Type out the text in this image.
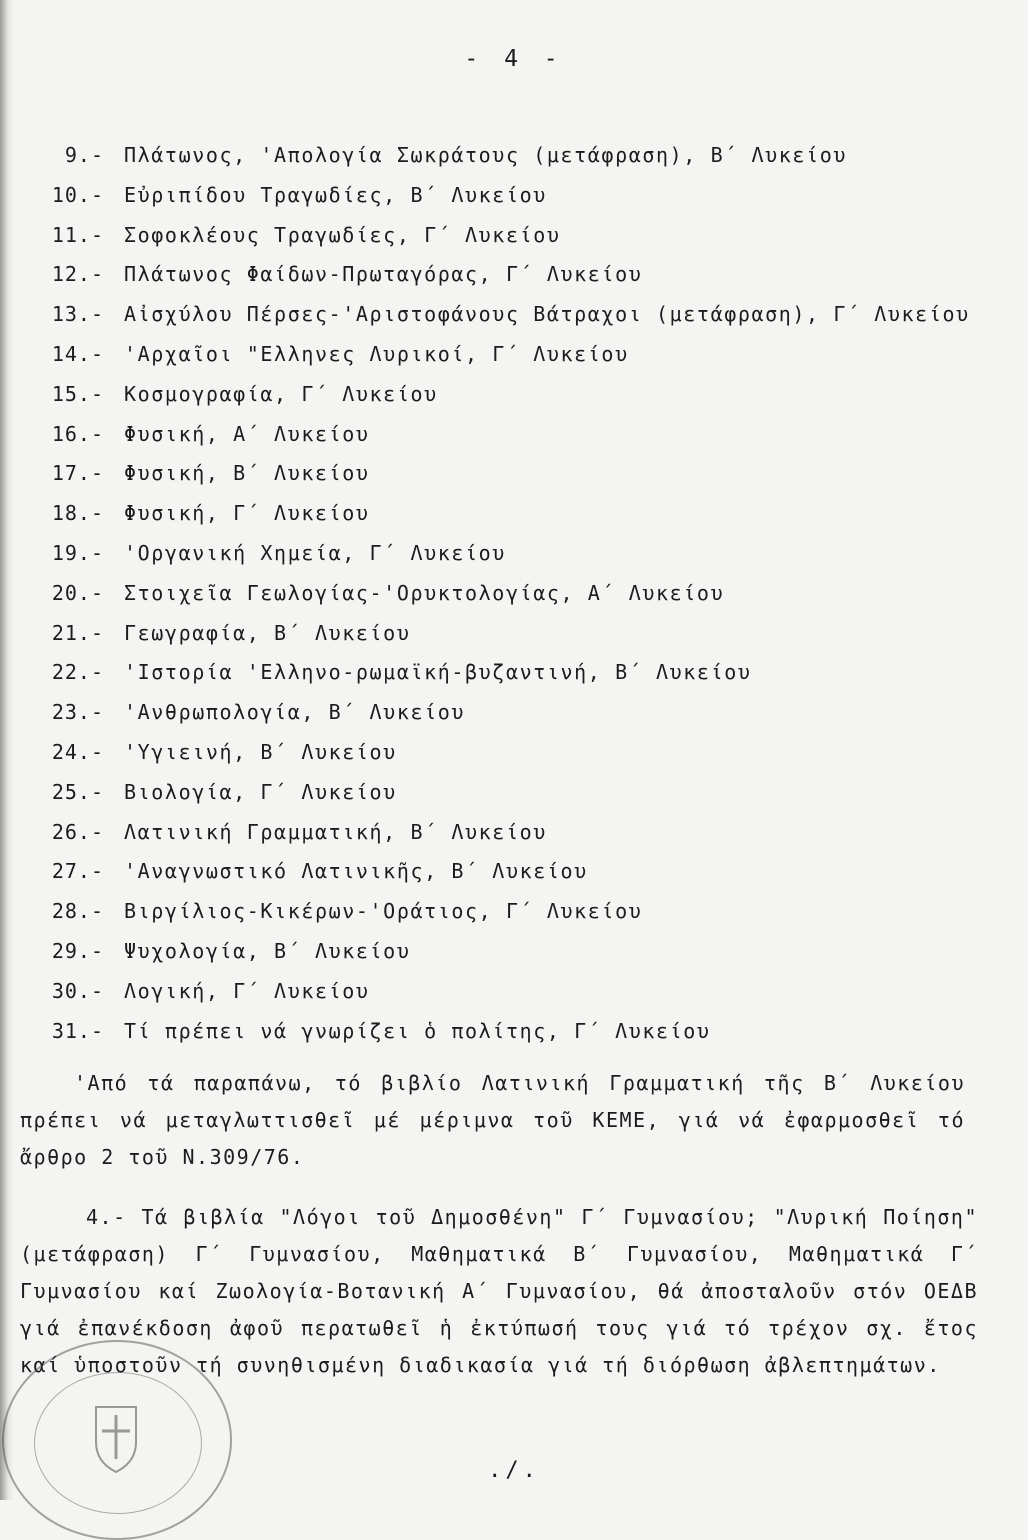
- 4 -
9.-	Πλάτωνος, 'Απολογία Σωκράτους (μετάφραση), Β΄ Λυκείου
10.-	Εὐριπίδου Τραγωδίες, Β΄ Λυκείου
11.-	Σοφοκλέους Τραγωδίες, Γ΄ Λυκείου
12.-	Πλάτωνος Φαίδων-Πρωταγόρας, Γ΄ Λυκείου
13.-	Αἰσχύλου Πέρσες-'Αριστοφάνους Βάτραχοι (μετάφραση), Γ΄ Λυκείου
14.-	'Αρχαῖοι "Ελληνες Λυρικοί, Γ΄ Λυκείου
15.-	Κοσμογραφία, Γ΄ Λυκείου
16.-	Φυσική, Α΄ Λυκείου
17.-	Φυσική, Β΄ Λυκείου
18.-	Φυσική, Γ΄ Λυκείου
19.-	'Οργανική Χημεία, Γ΄ Λυκείου
20.-	Στοιχεῖα Γεωλογίας-'Ορυκτολογίας, Α΄ Λυκείου
21.-	Γεωγραφία, Β΄ Λυκείου
22.-	'Ιστορία 'Ελληνο-ρωμαϊκή-βυζαντινή, Β΄ Λυκείου
23.-	'Ανθρωπολογία, Β΄ Λυκείου
24.-	'Υγιεινή, Β΄ Λυκείου
25.-	Βιολογία, Γ΄ Λυκείου
26.-	Λατινική Γραμματική, Β΄ Λυκείου
27.-	'Αναγνωστικό Λατινικῆς, Β΄ Λυκείου
28.-	Βιργίλιος-Κικέρων-'Οράτιος, Γ΄ Λυκείου
29.-	Ψυχολογία, Β΄ Λυκείου
30.-	Λογική, Γ΄ Λυκείου
31.-	Τί πρέπει νά γνωρίζει ὁ πολίτης, Γ΄ Λυκείου

'Από τά παραπάνω, τό βιβλίο Λατινική Γραμματική τῆς Β΄ Λυκείου πρέπει νά μεταγλωττισθεῖ μέ μέριμνα τοῦ ΚΕΜΕ, γιά νά ἐφαρμοσθεῖ τό ἄρθρο 2 τοῦ Ν.309/76.

4.- Τά βιβλία "Λόγοι τοῦ Δημοσθένη" Γ΄ Γυμνασίου; "Λυρική Ποίηση" (μετάφραση) Γ΄ Γυμνασίου, Μαθηματικά Β΄ Γυμνασίου, Μαθηματικά Γ΄ Γυμνασίου καί Ζωολογία-Βοτανική Α΄ Γυμνασίου, θά ἀποσταλοῦν στόν ΟΕΔΒ γιά ἐπανέκδοση ἀφοῦ περατωθεῖ ἡ ἐκτύπωσή τους γιά τό τρέχον σχ. ἔτος καί ὑποστοῦν τή συνηθισμένη διαδικασία γιά τή διόρθωση ἀβλεπτημάτων.

./.
